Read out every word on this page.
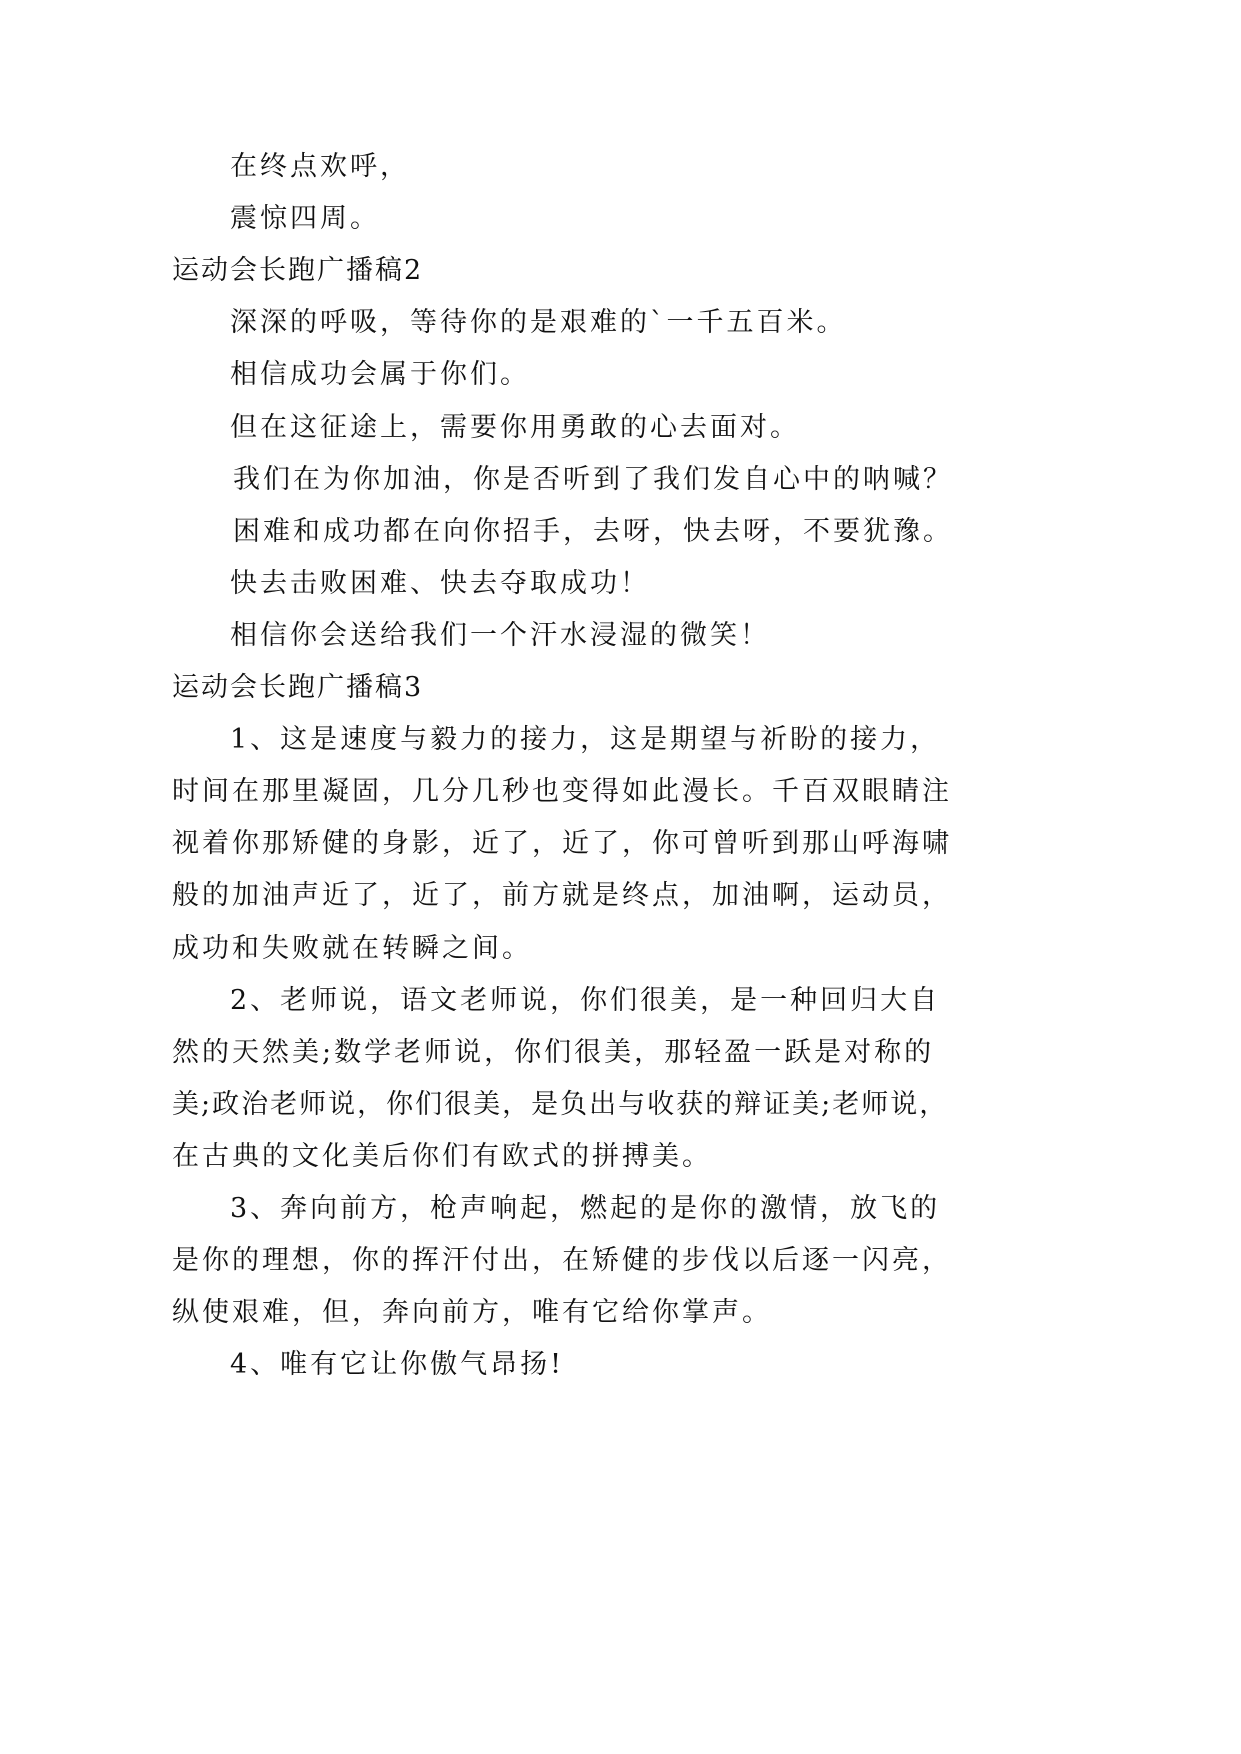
在终点欢呼，
震惊四周。
运动会长跑广播稿2
深深的呼吸，等待你的是艰难的`一千五百米。
相信成功会属于你们。
但在这征途上，需要你用勇敢的心去面对。
我们在为你加油，你是否听到了我们发自心中的呐喊？
困难和成功都在向你招手，去呀，快去呀，不要犹豫。
快去击败困难、快去夺取成功！
相信你会送给我们一个汗水浸湿的微笑！
运动会长跑广播稿3
1、这是速度与毅力的接力，这是期望与祈盼的接力，
时间在那里凝固，几分几秒也变得如此漫长。千百双眼睛注
视着你那矫健的身影，近了，近了，你可曾听到那山呼海啸
般的加油声近了，近了，前方就是终点，加油啊，运动员，
成功和失败就在转瞬之间。
2、老师说，语文老师说，你们很美，是一种回归大自
然的天然美;数学老师说，你们很美，那轻盈一跃是对称的
美;政治老师说，你们很美，是负出与收获的辩证美;老师说，
在古典的文化美后你们有欧式的拼搏美。
3、奔向前方，枪声响起，燃起的是你的激情，放飞的
是你的理想，你的挥汗付出，在矫健的步伐以后逐一闪亮，
纵使艰难，但，奔向前方，唯有它给你掌声。
4、唯有它让你傲气昂扬!
